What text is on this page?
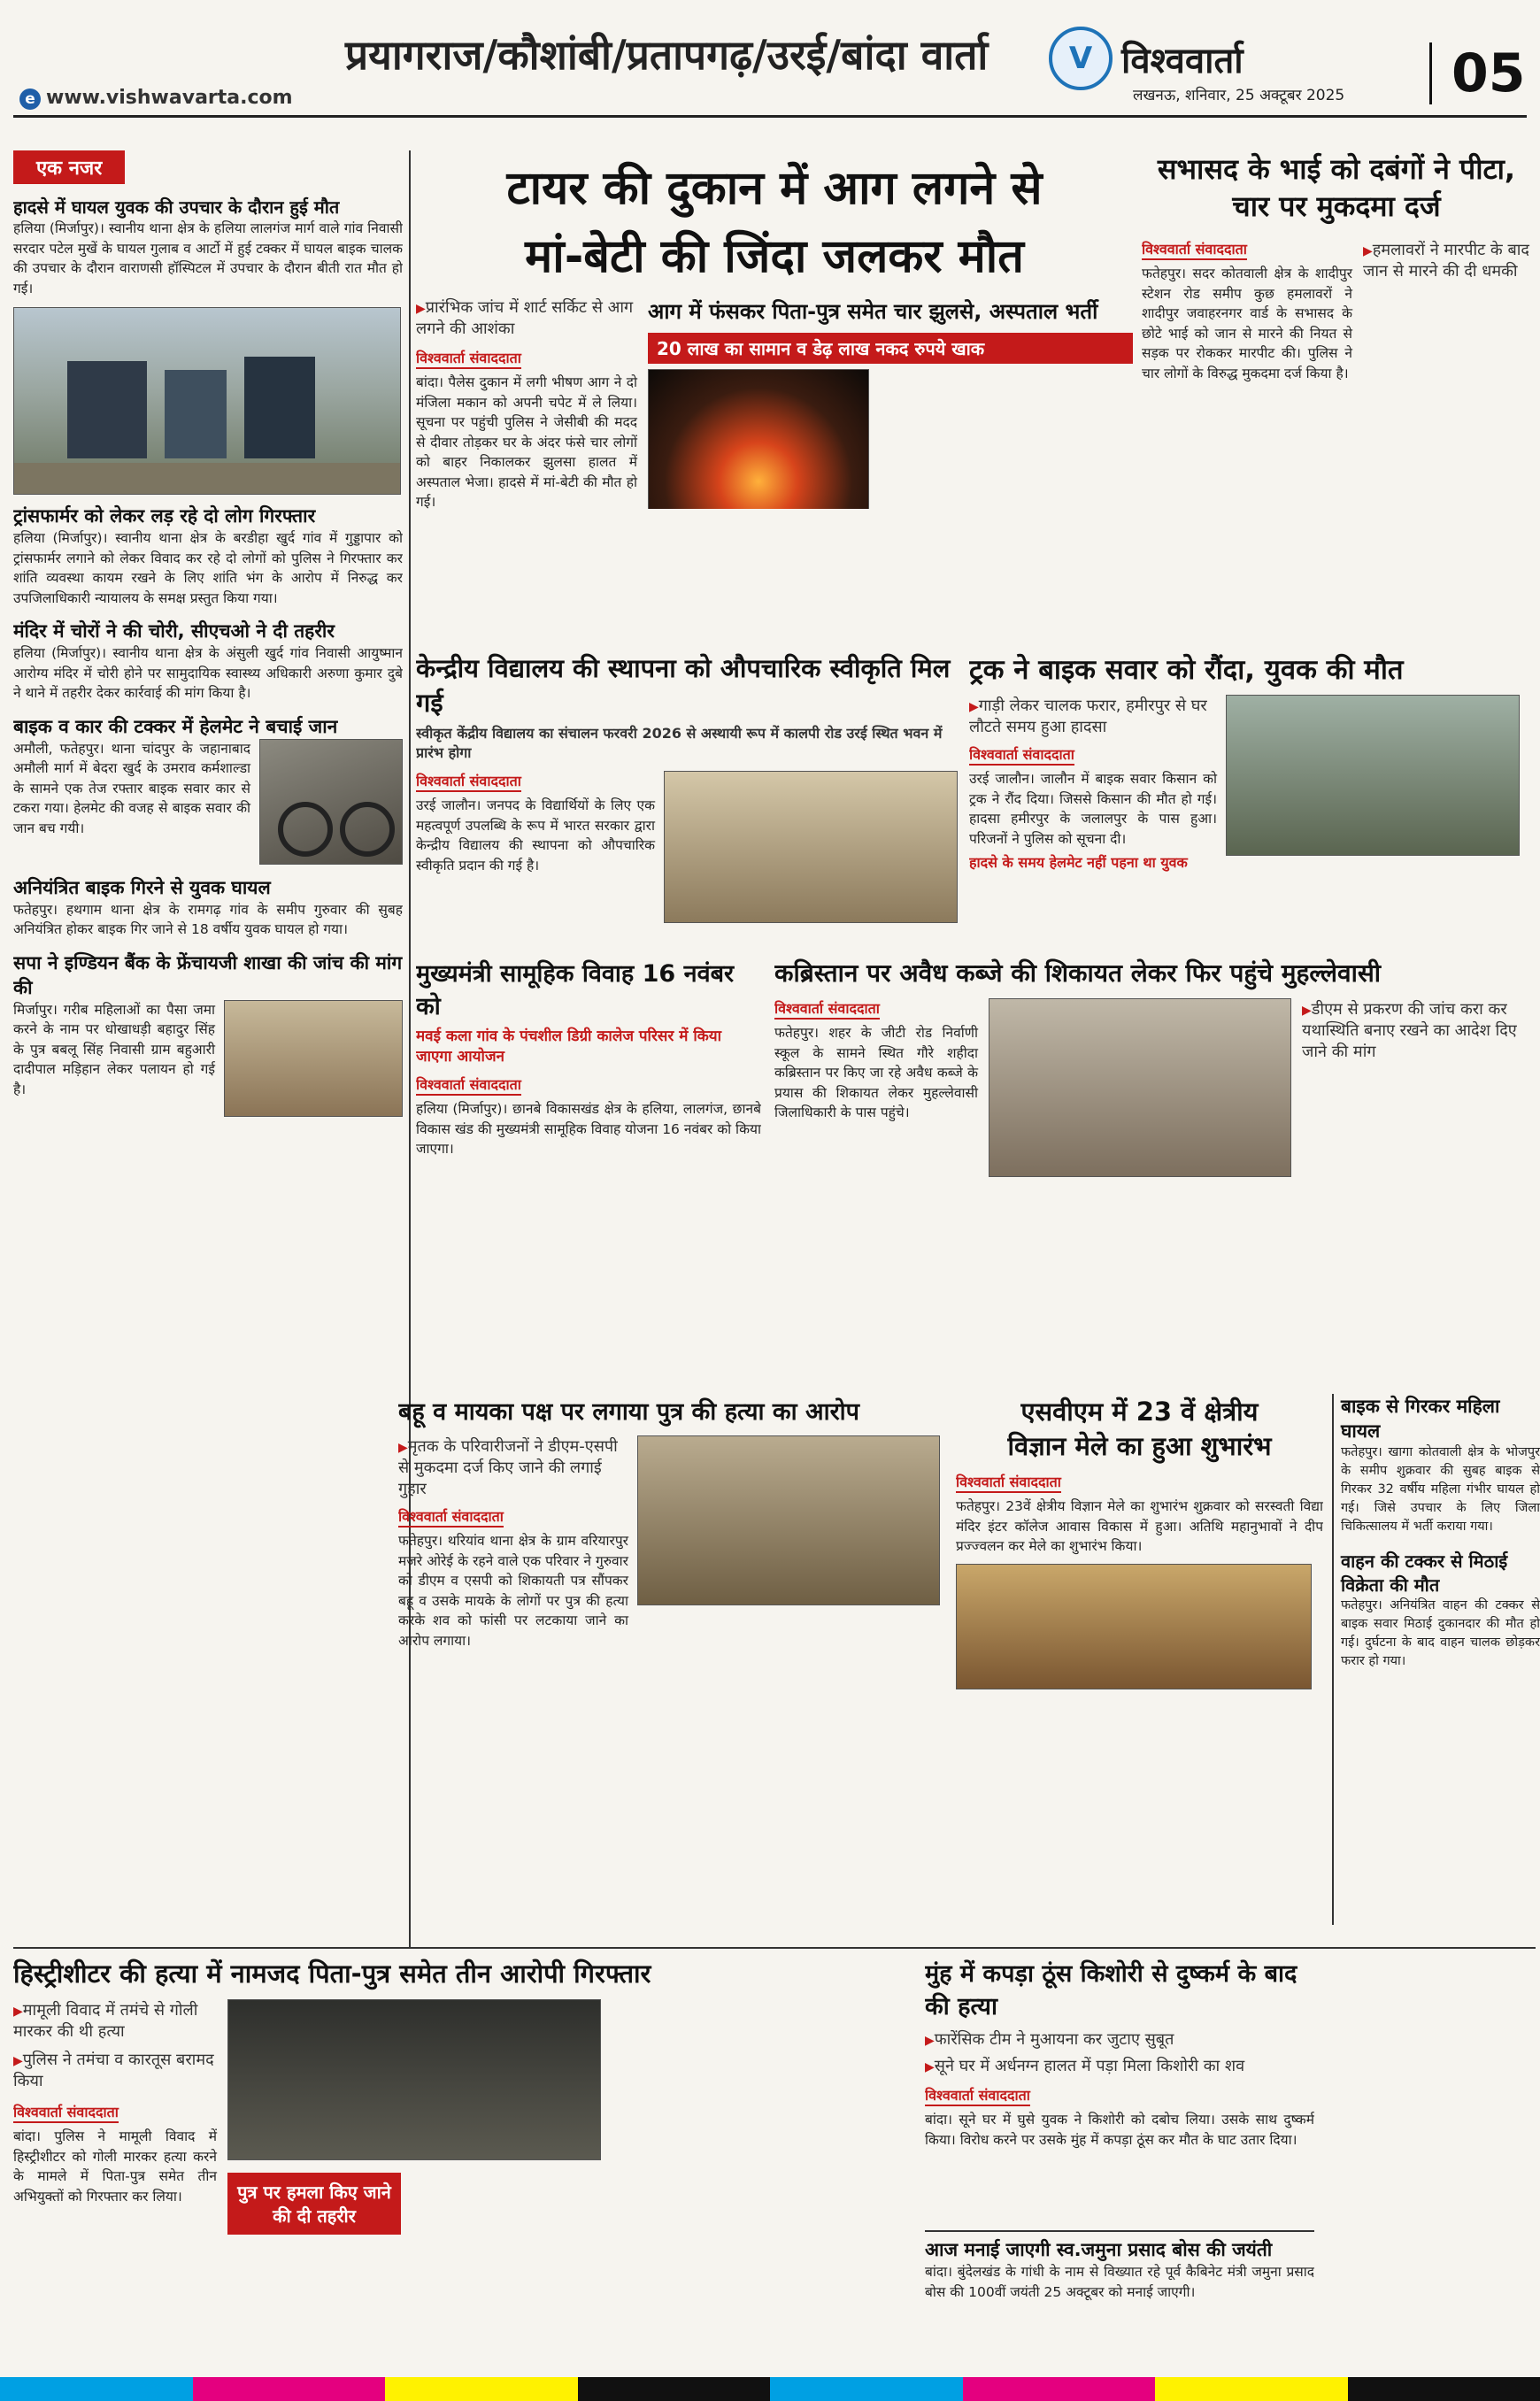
प्रयागराज/कौशांबी/प्रतापगढ़/उरई/बांदा वार्ता
e www.vishwavarta.com
V विश्ववार्ता
लखनऊ, शनिवार, 25 अक्टूबर 2025	05
एक नजर
हादसे में घायल युवक की उपचार के दौरान हुई मौत
हलिया (मिर्जापुर)। स्वानीय थाना क्षेत्र के हलिया लालगंज मार्ग वाले गांव निवासी सरदार पटेल मुखें के घायल गुलाब व आर्टो में हुई टक्कर में घायल बाइक चालक की उपचार के दौरान वाराणसी हॉस्पिटल में उपचार के दौरान बीती रात मौत हो गई।
ट्रांसफार्मर को लेकर लड़ रहे दो लोग गिरफ्तार
हलिया (मिर्जापुर)। स्वानीय थाना क्षेत्र के बरडीहा खुर्द गांव में गुड्डापार को ट्रांसफार्मर लगाने को लेकर विवाद कर रहे दो लोगों को पुलिस ने गिरफ्तार कर शांति व्यवस्था कायम रखने के लिए शांति भंग के आरोप में निरुद्ध कर उपजिलाधिकारी न्यायालय के समक्ष प्रस्तुत किया गया।
मंदिर में चोरों ने की चोरी, सीएचओ ने दी तहरीर
हलिया (मिर्जापुर)। स्वानीय थाना क्षेत्र के अंसुली खुर्द गांव निवासी आयुष्मान आरोग्य मंदिर में चोरी होने पर सामुदायिक स्वास्थ्य अधिकारी अरुणा कुमार दुबे ने थाने में तहरीर देकर कार्रवाई की मांग किया है।
बाइक व कार की टक्कर में हेलमेट ने बचाई जान
अमौली, फतेहपुर। थाना चांदपुर के जहानाबाद अमौली मार्ग में बेदरा खुर्द के उमराव कर्मशाल्डा के सामने एक तेज रफ्तार बाइक सवार कार से टकरा गया। हेलमेट की वजह से बाइक सवार की जान बच गयी।
अनियंत्रित बाइक गिरने से युवक घायल
फतेहपुर। हथगाम थाना क्षेत्र के रामगढ़ गांव के समीप गुरुवार की सुबह अनियंत्रित होकर बाइक गिर जाने से 18 वर्षीय युवक घायल हो गया।
सपा ने इण्डियन बैंक के फ्रेंचायजी शाखा की जांच की मांग की
मिर्जापुर। गरीब महिलाओं का पैसा जमा करने के नाम पर धोखाधड़ी बहादुर सिंह के पुत्र बबलू सिंह निवासी ग्राम बहुआरी दादीपाल मड़िहान लेकर पलायन हो गई है।
टायर की दुकान में आग लगने से
मां-बेटी की जिंदा जलकर मौत
▶ प्रारंभिक जांच में शार्ट सर्किट से आग लगने की आशंका
विश्ववार्ता संवाददाता
बांदा। पैलेस दुकान में लगी भीषण आग ने दो मंजिला मकान को अपनी चपेट में ले लिया। सूचना पर पहुंची पुलिस ने जेसीबी की मदद से दीवार तोड़कर घर के अंदर फंसे चार लोगों को बाहर निकालकर झुलसा हालत में अस्पताल भेजा। हादसे में मां-बेटी की मौत हो गई।
आग में फंसकर पिता-पुत्र समेत चार झुलसे, अस्पताल भर्ती
20 लाख का सामान व डेढ़ लाख नकद रुपये खाक
सभासद के भाई को दबंगों ने पीटा, चार पर मुकदमा दर्ज
विश्ववार्ता संवाददाता
फतेहपुर। सदर कोतवाली क्षेत्र के शादीपुर स्टेशन रोड समीप कुछ हमलावरों ने शादीपुर जवाहरनगर वार्ड के सभासद के छोटे भाई को जान से मारने की नियत से सड़क पर रोककर मारपीट की। पुलिस ने चार लोगों के विरुद्ध मुकदमा दर्ज किया है।
▶ हमलावरों ने मारपीट के बाद जान से मारने की दी धमकी
केन्द्रीय विद्यालय की स्थापना को औपचारिक स्वीकृति मिल गई
स्वीकृत केंद्रीय विद्यालय का संचालन फरवरी 2026 से अस्थायी रूप में कालपी रोड उरई स्थित भवन में प्रारंभ होगा
विश्ववार्ता संवाददाता
उरई जालौन। जनपद के विद्यार्थियों के लिए एक महत्वपूर्ण उपलब्धि के रूप में भारत सरकार द्वारा केन्द्रीय विद्यालय की स्थापना को औपचारिक स्वीकृति प्रदान की गई है।
ट्रक ने बाइक सवार को रौंदा, युवक की मौत
▶ गाड़ी लेकर चालक फरार, हमीरपुर से घर लौटते समय हुआ हादसा
विश्ववार्ता संवाददाता
उरई जालौन। जालौन में बाइक सवार किसान को ट्रक ने रौंद दिया। जिससे किसान की मौत हो गई। हादसा हमीरपुर के जलालपुर के पास हुआ। परिजनों ने पुलिस को सूचना दी।
हादसे के समय हेलमेट नहीं पहना था युवक
मुख्यमंत्री सामूहिक विवाह 16 नवंबर को
मवई कला गांव के पंचशील डिग्री कालेज परिसर में किया जाएगा आयोजन
विश्ववार्ता संवाददाता
हलिया (मिर्जापुर)। छानबे विकासखंड क्षेत्र के हलिया, लालगंज, छानबे विकास खंड की मुख्यमंत्री सामूहिक विवाह योजना 16 नवंबर को किया जाएगा।
कब्रिस्तान पर अवैध कब्जे की शिकायत लेकर फिर पहुंचे मुहल्लेवासी
विश्ववार्ता संवाददाता
फतेहपुर। शहर के जीटी रोड निर्वाणी स्कूल के सामने स्थित गौरे शहीदा कब्रिस्तान पर किए जा रहे अवैध कब्जे के प्रयास की शिकायत लेकर मुहल्लेवासी जिलाधिकारी के पास पहुंचे।
▶ डीएम से प्रकरण की जांच करा कर यथास्थिति बनाए रखने का आदेश दिए जाने की मांग
बहू व मायका पक्ष पर लगाया पुत्र की हत्या का आरोप
▶ मृतक के परिवारीजनों ने डीएम-एसपी से मुकदमा दर्ज किए जाने की लगाई गुहार
विश्ववार्ता संवाददाता
फतेहपुर। थरियांव थाना क्षेत्र के ग्राम वरियारपुर मजरे ओरेई के रहने वाले एक परिवार ने गुरुवार को डीएम व एसपी को शिकायती पत्र सौंपकर बहू व उसके मायके के लोगों पर पुत्र की हत्या करके शव को फांसी पर लटकाया जाने का आरोप लगाया।
एसवीएम में 23 वें क्षेत्रीय
विज्ञान मेले का हुआ शुभारंभ
विश्ववार्ता संवाददाता
फतेहपुर। 23वें क्षेत्रीय विज्ञान मेले का शुभारंभ शुक्रवार को सरस्वती विद्या मंदिर इंटर कॉलेज आवास विकास में हुआ। अतिथि महानुभावों ने दीप प्रज्ज्वलन कर मेले का शुभारंभ किया।
बाइक से गिरकर महिला घायल
फतेहपुर। खागा कोतवाली क्षेत्र के भोजपुर के समीप शुक्रवार की सुबह बाइक से गिरकर 32 वर्षीय महिला गंभीर घायल हो गई। जिसे उपचार के लिए जिला चिकित्सालय में भर्ती कराया गया।
वाहन की टक्कर से मिठाई विक्रेता की मौत
फतेहपुर। अनियंत्रित वाहन की टक्कर से बाइक सवार मिठाई दुकानदार की मौत हो गई। दुर्घटना के बाद वाहन चालक छोड़कर फरार हो गया।
हिस्ट्रीशीटर की हत्या में नामजद पिता-पुत्र समेत तीन आरोपी गिरफ्तार
▶ मामूली विवाद में तमंचे से गोली मारकर की थी हत्या
▶ पुलिस ने तमंचा व कारतूस बरामद किया
विश्ववार्ता संवाददाता
बांदा। पुलिस ने मामूली विवाद में हिस्ट्रीशीटर को गोली मारकर हत्या करने के मामले में पिता-पुत्र समेत तीन अभियुक्तों को गिरफ्तार कर लिया।	पुत्र पर हमला किए जाने की दी तहरीर
मुंह में कपड़ा ठूंस किशोरी से दुष्कर्म के बाद की हत्या
▶ फारेंसिक टीम ने मुआयना कर जुटाए सुबूत
▶ सूने घर में अर्धनग्न हालत में पड़ा मिला किशोरी का शव
विश्ववार्ता संवाददाता
बांदा। सूने घर में घुसे युवक ने किशोरी को दबोच लिया। उसके साथ दुष्कर्म किया। विरोध करने पर उसके मुंह में कपड़ा ठूंस कर मौत के घाट उतार दिया।
आज मनाई जाएगी स्व.जमुना प्रसाद बोस की जयंती
बांदा। बुंदेलखंड के गांधी के नाम से विख्यात रहे पूर्व कैबिनेट मंत्री जमुना प्रसाद बोस की 100वीं जयंती 25 अक्टूबर को मनाई जाएगी।
